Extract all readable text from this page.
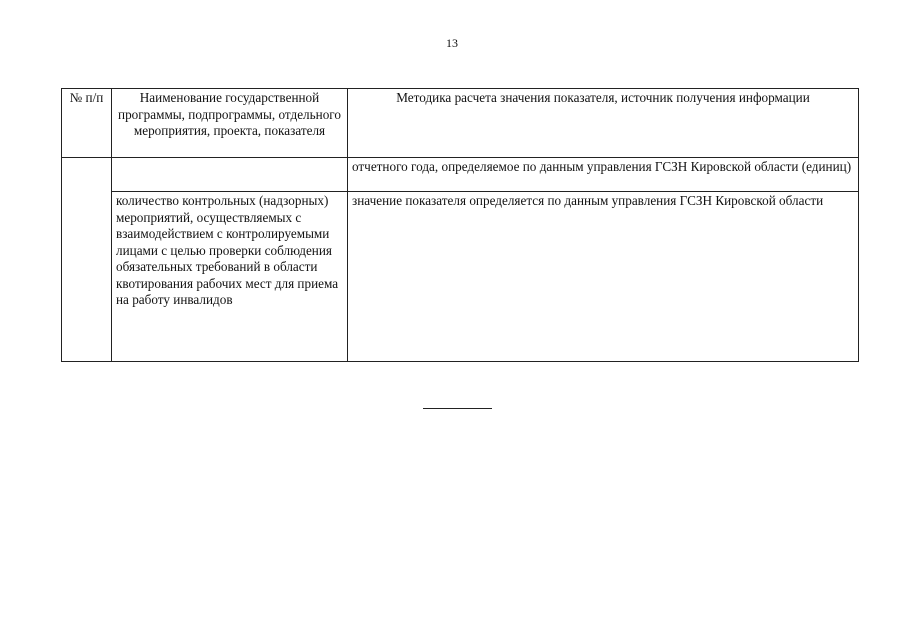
13
№ п/п	Наименование государственной программы, подпрограммы, отдельного мероприятия, проекта, показателя	Методика расчета значения показателя, источник получения информации

		отчетного года, определяемое по данным управления ГСЗН Кировской области (единиц)

	количество контрольных (надзорных) мероприятий, осуществляемых с взаимодействием с контролируемыми лицами с целью проверки соблюдения обязательных требований в области квотирования рабочих мест для приема на работу инвалидов	значение показателя определяется по данным управления ГСЗН Кировской области
